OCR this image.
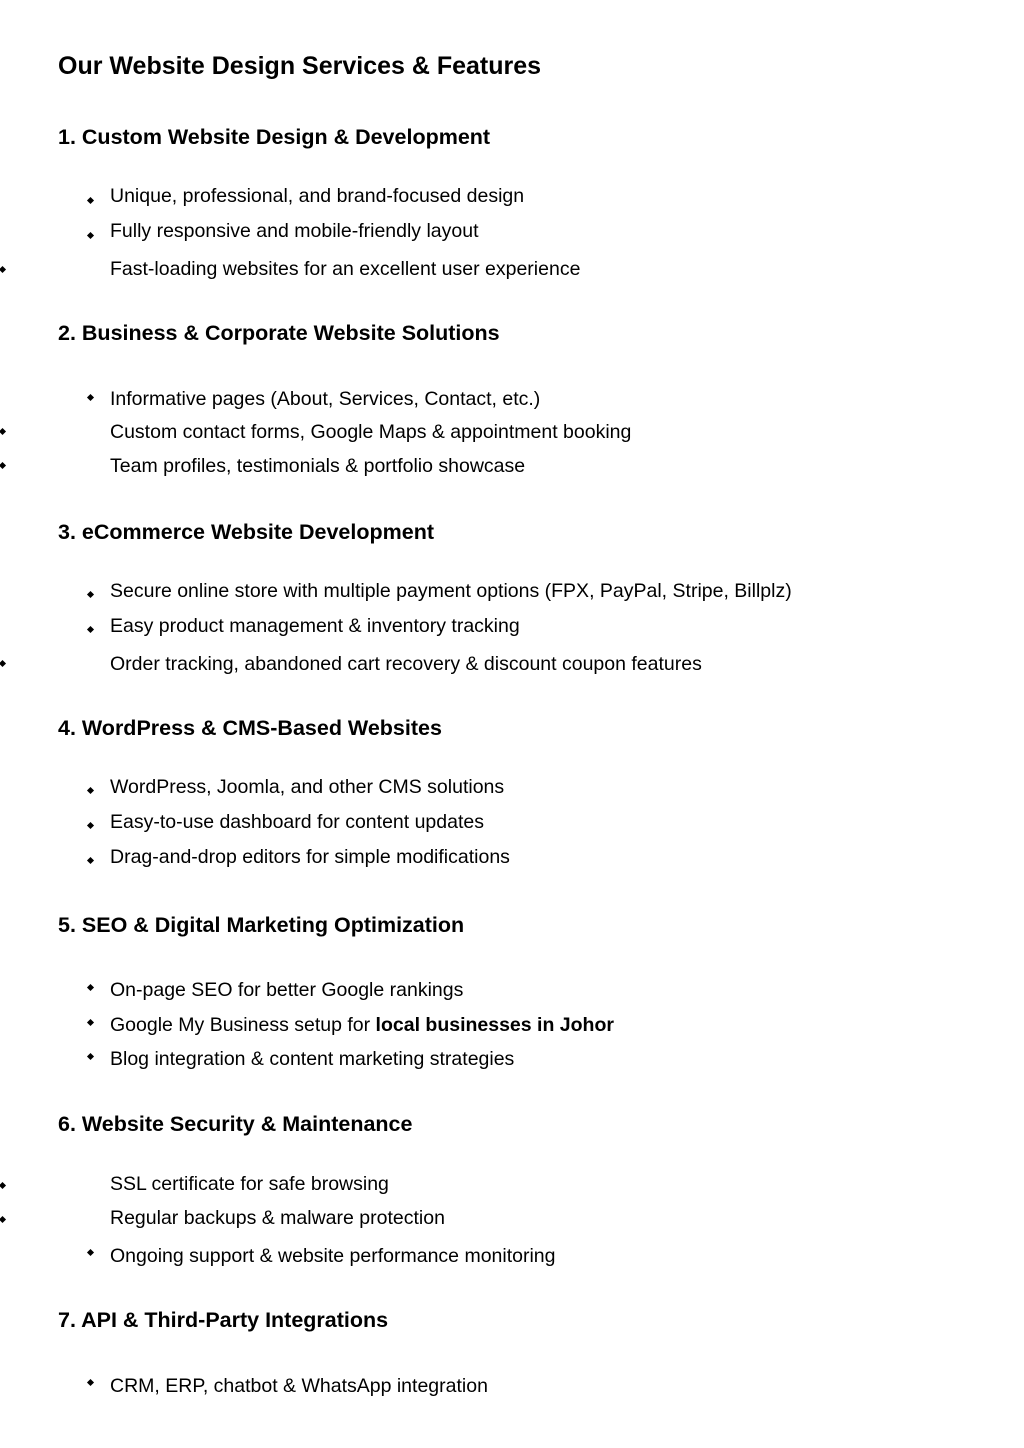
Our Website Design Services & Features
1. Custom Website Design & Development
Unique, professional, and brand-focused design
Fully responsive and mobile-friendly layout
Fast-loading websites for an excellent user experience
2. Business & Corporate Website Solutions
Informative pages (About, Services, Contact, etc.)
Custom contact forms, Google Maps & appointment booking
Team profiles, testimonials & portfolio showcase
3. eCommerce Website Development
Secure online store with multiple payment options (FPX, PayPal, Stripe, Billplz)
Easy product management & inventory tracking
Order tracking, abandoned cart recovery & discount coupon features
4. WordPress & CMS-Based Websites
WordPress, Joomla, and other CMS solutions
Easy-to-use dashboard for content updates
Drag-and-drop editors for simple modifications
5. SEO & Digital Marketing Optimization
On-page SEO for better Google rankings
Google My Business setup for local businesses in Johor
Blog integration & content marketing strategies
6. Website Security & Maintenance
SSL certificate for safe browsing
Regular backups & malware protection
Ongoing support & website performance monitoring
7. API & Third-Party Integrations
CRM, ERP, chatbot & WhatsApp integration
